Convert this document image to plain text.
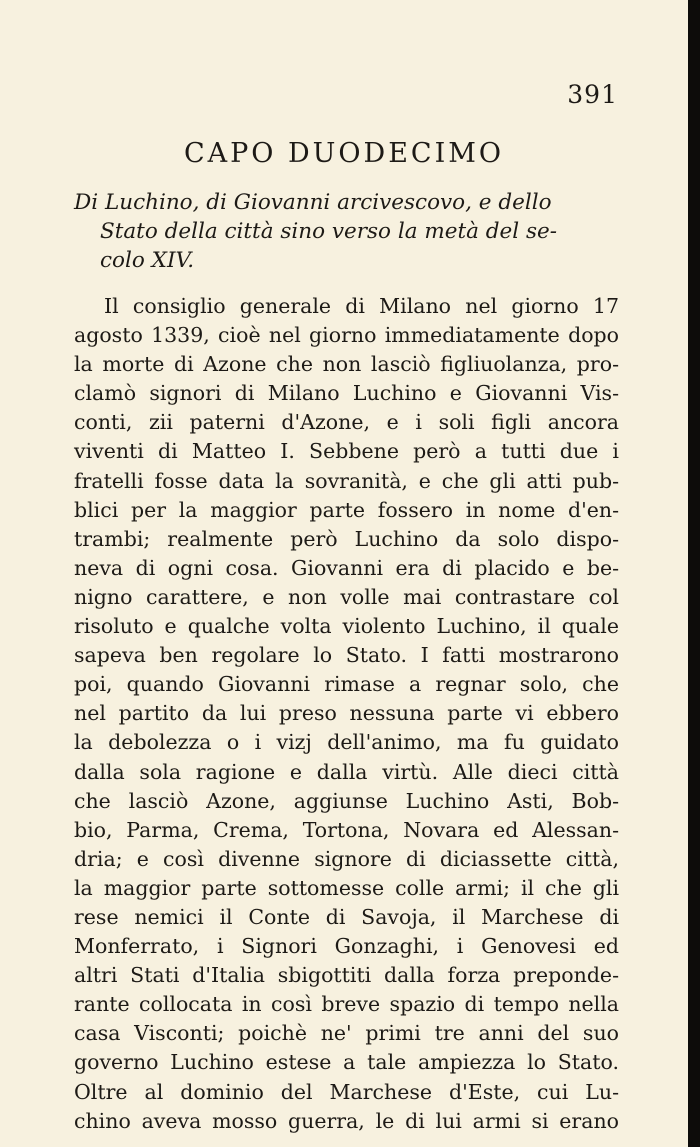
391
CAPO DUODECIMO
Di Luchino, di Giovanni arcivescovo, e dello
Stato della città sino verso la metà del se-
colo XIV.
Il consiglio generale di Milano nel giorno 17
agosto 1339, cioè nel giorno immediatamente dopo
la morte di Azone che non lasciò figliuolanza, pro-
clamò signori di Milano Luchino e Giovanni Vis-
conti, zii paterni d'Azone, e i soli figli ancora
viventi di Matteo I. Sebbene però a tutti due i
fratelli fosse data la sovranità, e che gli atti pub-
blici per la maggior parte fossero in nome d'en-
trambi; realmente però Luchino da solo dispo-
neva di ogni cosa. Giovanni era di placido e be-
nigno carattere, e non volle mai contrastare col
risoluto e qualche volta violento Luchino, il quale
sapeva ben regolare lo Stato. I fatti mostrarono
poi, quando Giovanni rimase a regnar solo, che
nel partito da lui preso nessuna parte vi ebbero
la debolezza o i vizj dell'animo, ma fu guidato
dalla sola ragione e dalla virtù. Alle dieci città
che lasciò Azone, aggiunse Luchino Asti, Bob-
bio, Parma, Crema, Tortona, Novara ed Alessan-
dria; e così divenne signore di diciassette città,
la maggior parte sottomesse colle armi; il che gli
rese nemici il Conte di Savoja, il Marchese di
Monferrato, i Signori Gonzaghi, i Genovesi ed
altri Stati d'Italia sbigottiti dalla forza preponde-
rante collocata in così breve spazio di tempo nella
casa Visconti; poichè ne' primi tre anni del suo
governo Luchino estese a tale ampiezza lo Stato.
Oltre al dominio del Marchese d'Este, cui Lu-
chino aveva mosso guerra, le di lui armi si erano
